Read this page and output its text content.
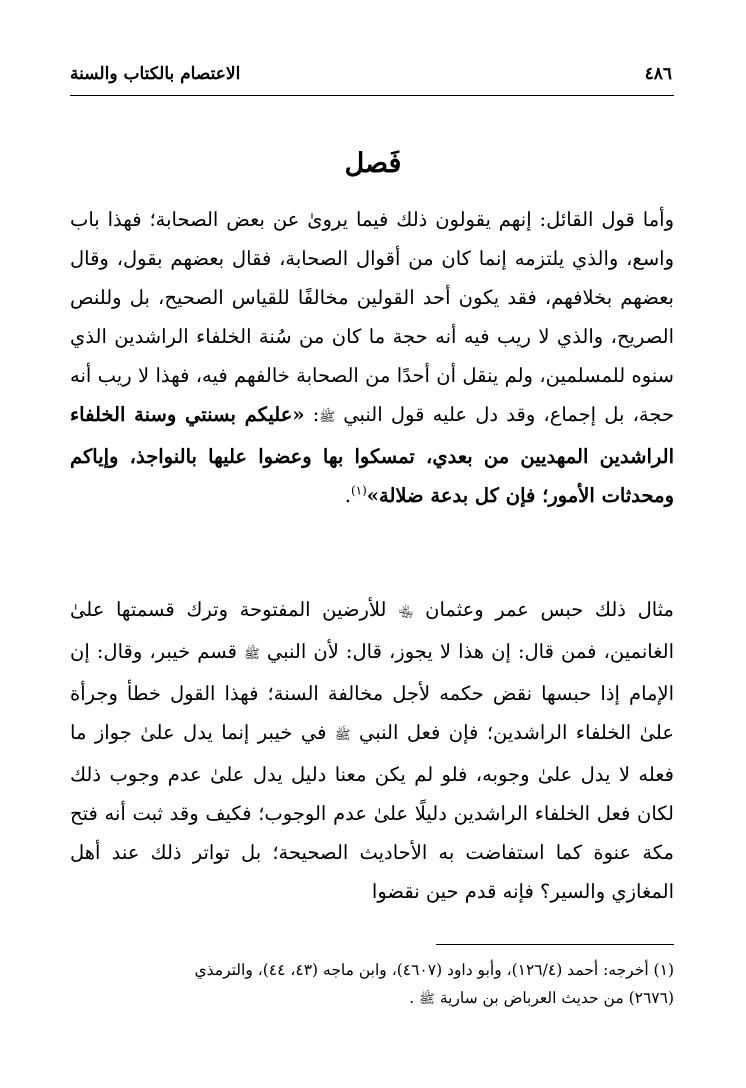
٤٨٦
الاعتصام بالكتاب والسنة
فَصل

وأما قول القائل: إنهم يقولون ذلك فيما يروىٰ عن بعض الصحابة؛ فهذا باب واسع، والذي يلتزمه إنما كان من أقوال الصحابة، فقال بعضهم بقول، وقال بعضهم بخلافهم، فقد يكون أحد القولين مخالفًا للقياس الصحيح، بل وللنص الصريح، والذي لا ريب فيه أنه حجة ما كان من سُنة الخلفاء الراشدين الذي سنوه للمسلمين، ولم ينقل أن أحدًا من الصحابة خالفهم فيه، فهذا لا ريب أنه حجة، بل إجماع، وقد دل عليه قول النبي ﷺ: «عليكم بسنتي وسنة الخلفاء الراشدين المهديين من بعدي، تمسكوا بها وعضوا عليها بالنواجذ، وإياكم ومحدثات الأمور؛ فإن كل بدعة ضلالة»$^{(١)}$.

مثال ذلك حبس عمر وعثمان ﵄ للأرضين المفتوحة وترك قسمتها علىٰ الغانمين، فمن قال: إن هذا لا يجوز، قال: لأن النبي ﷺ قسم خيبر، وقال: إن الإمام إذا حبسها نقض حكمه لأجل مخالفة السنة؛ فهذا القول خطأ وجرأة علىٰ الخلفاء الراشدين؛ فإن فعل النبي ﷺ في خيبر إنما يدل علىٰ جواز ما فعله لا يدل علىٰ وجوبه، فلو لم يكن معنا دليل يدل علىٰ عدم وجوب ذلك لكان فعل الخلفاء الراشدين دليلًا علىٰ عدم الوجوب؛ فكيف وقد ثبت أنه فتح مكة عنوة كما استفاضت به الأحاديث الصحيحة؛ بل تواتر ذلك عند أهل المغازي والسير؟ فإنه قدم حين نقضوا

(١) أخرجه: أحمد (١٢٦/٤)، وأبو داود (٤٦٠٧)، وابن ماجه (٤٣، ٤٤)، والترمذي
(٢٦٧٦) من حديث العرباض بن سارية ﷺ .
